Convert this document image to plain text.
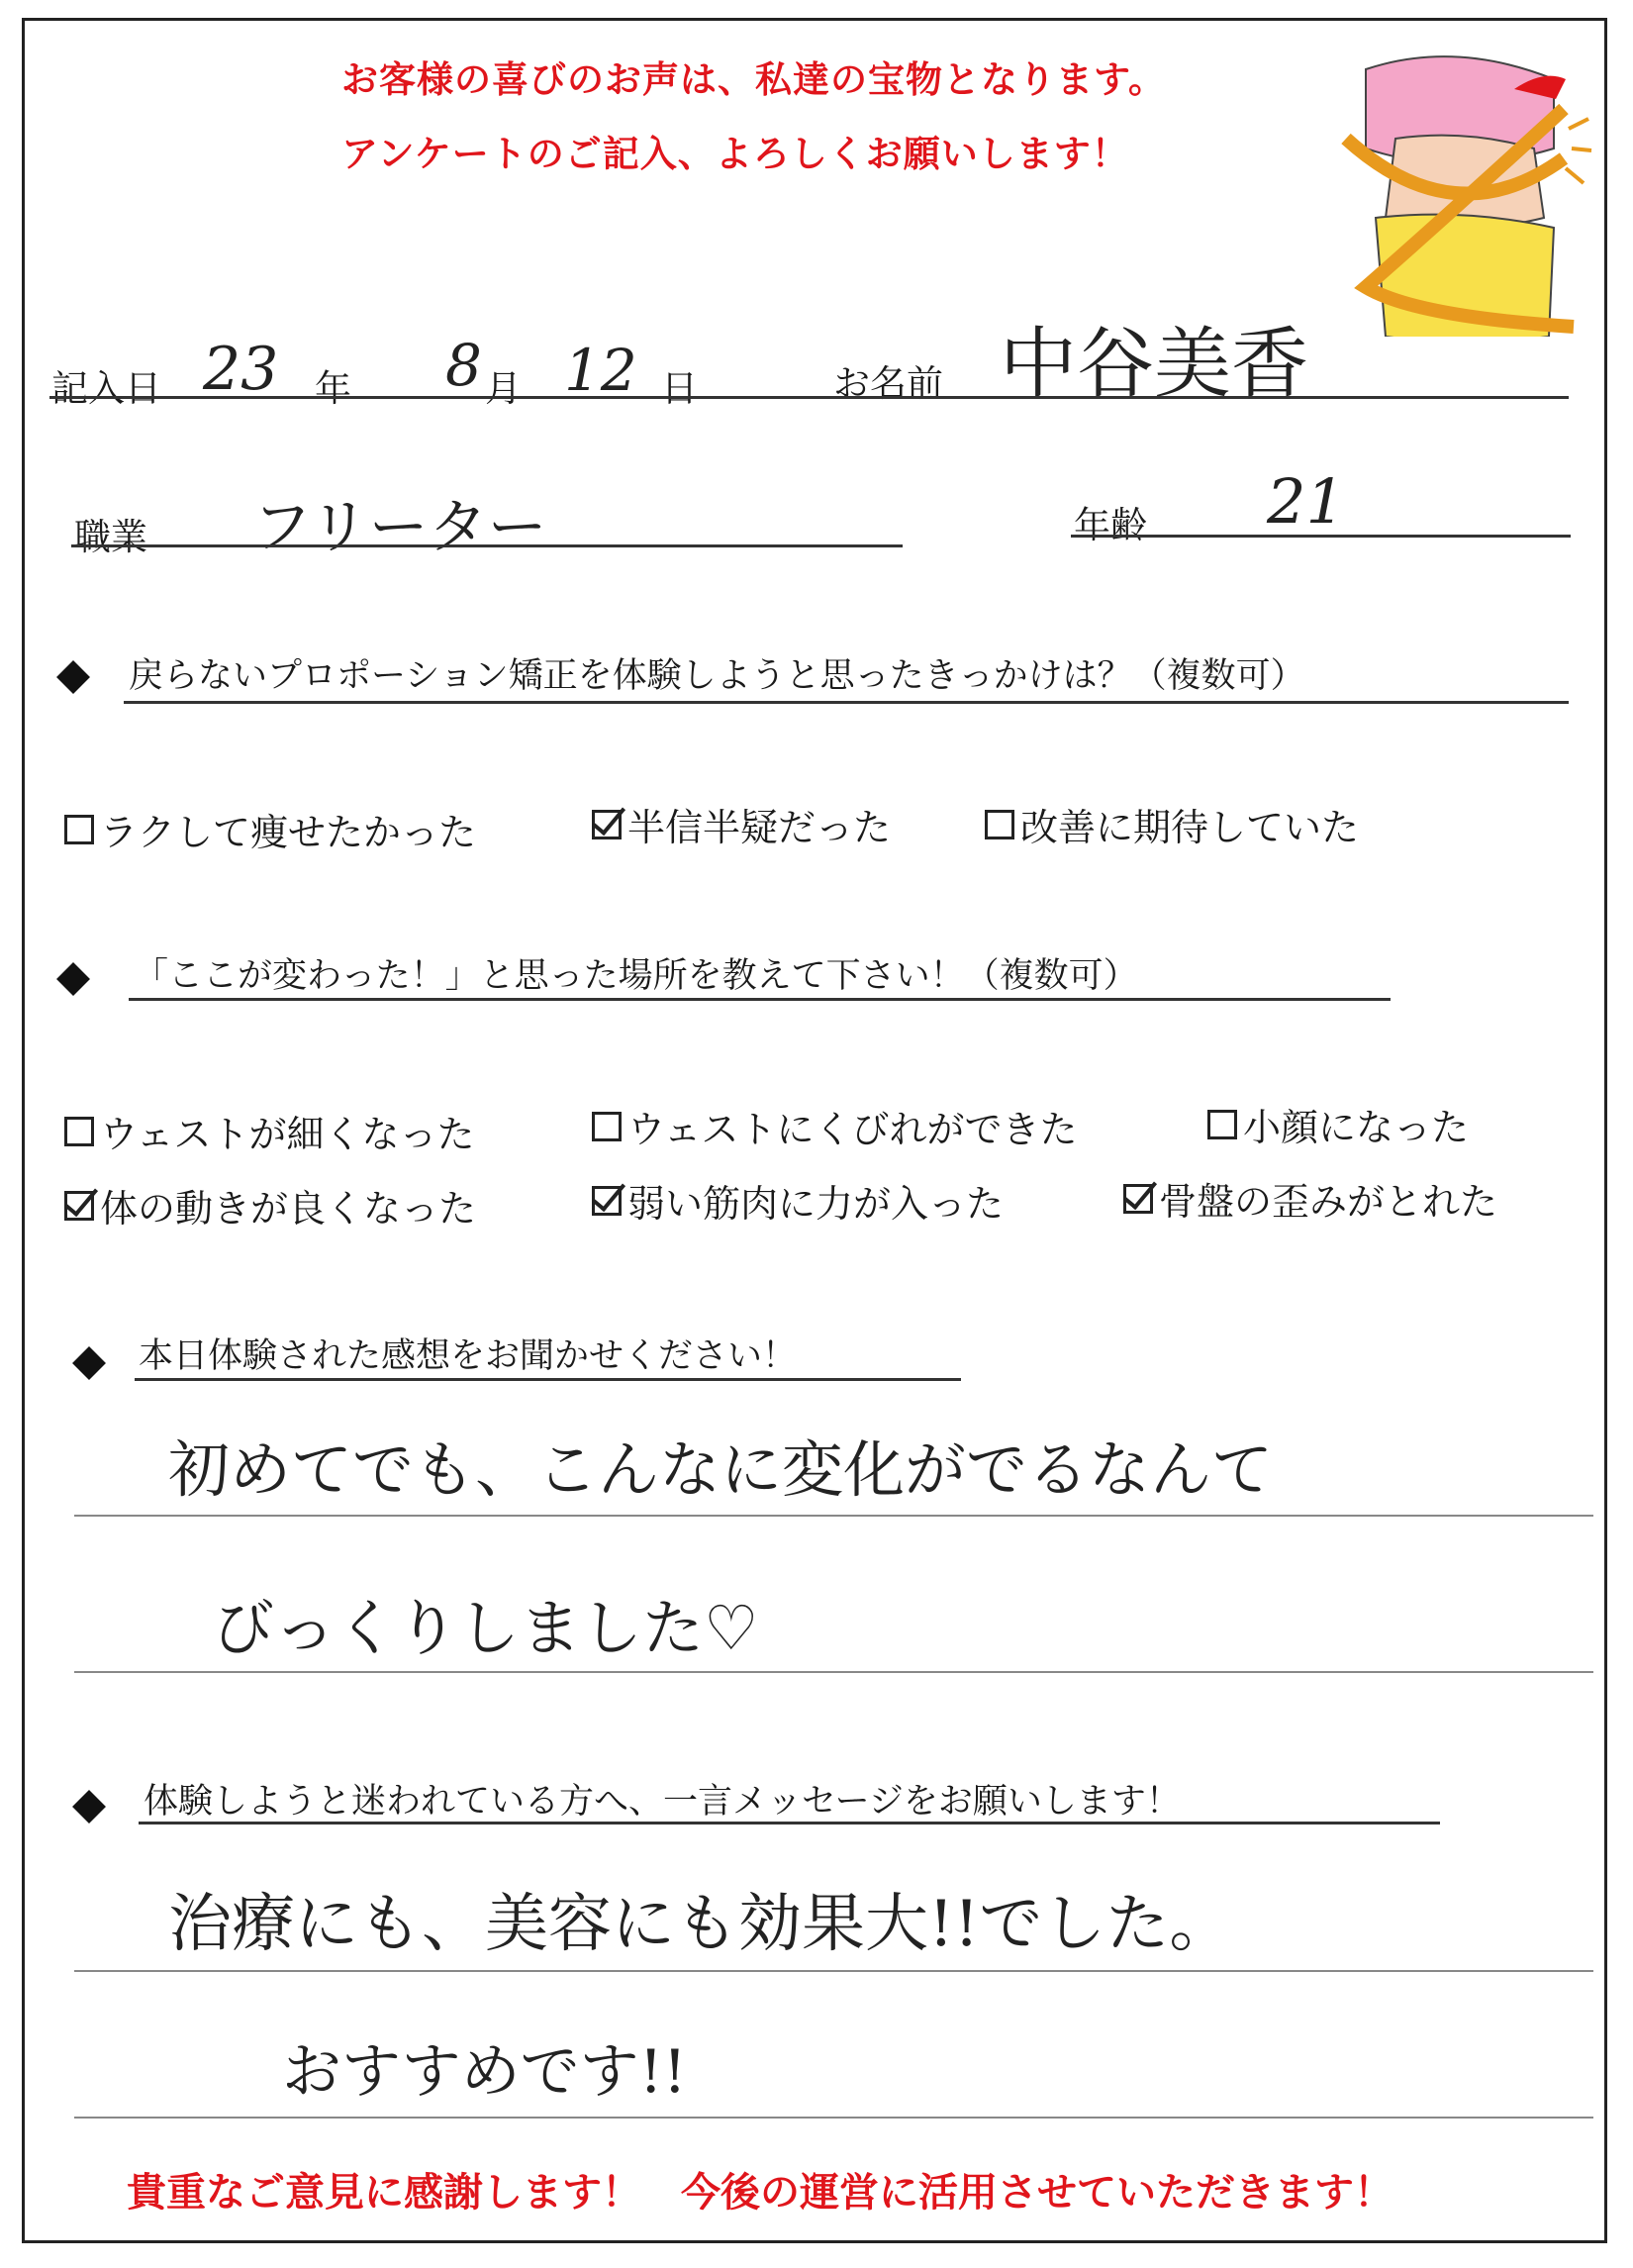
お客様の喜びのお声は、私達の宝物となります。
アンケートのご記入、よろしくお願いします！
記入日 23 年 8 月 12 日	お名前 中谷美香
職業 フリーター	年齢 21
戻らないプロポーション矯正を体験しようと思ったきっかけは？（複数可）
ラクして痩せたかった	半信半疑だった	改善に期待していた
「ここが変わった！」と思った場所を教えて下さい！（複数可）
ウェストが細くなった	ウェストにくびれができた	小顔になった
体の動きが良くなった	弱い筋肉に力が入った	骨盤の歪みがとれた
本日体験された感想をお聞かせください！
初めてでも、こんなに変化がでるなんて
びっくりしました♡
体験しようと迷われている方へ、一言メッセージをお願いします！
治療にも、美容にも効果大!!でした。
おすすめです!!
貴重なご意見に感謝します！　今後の運営に活用させていただきます！
